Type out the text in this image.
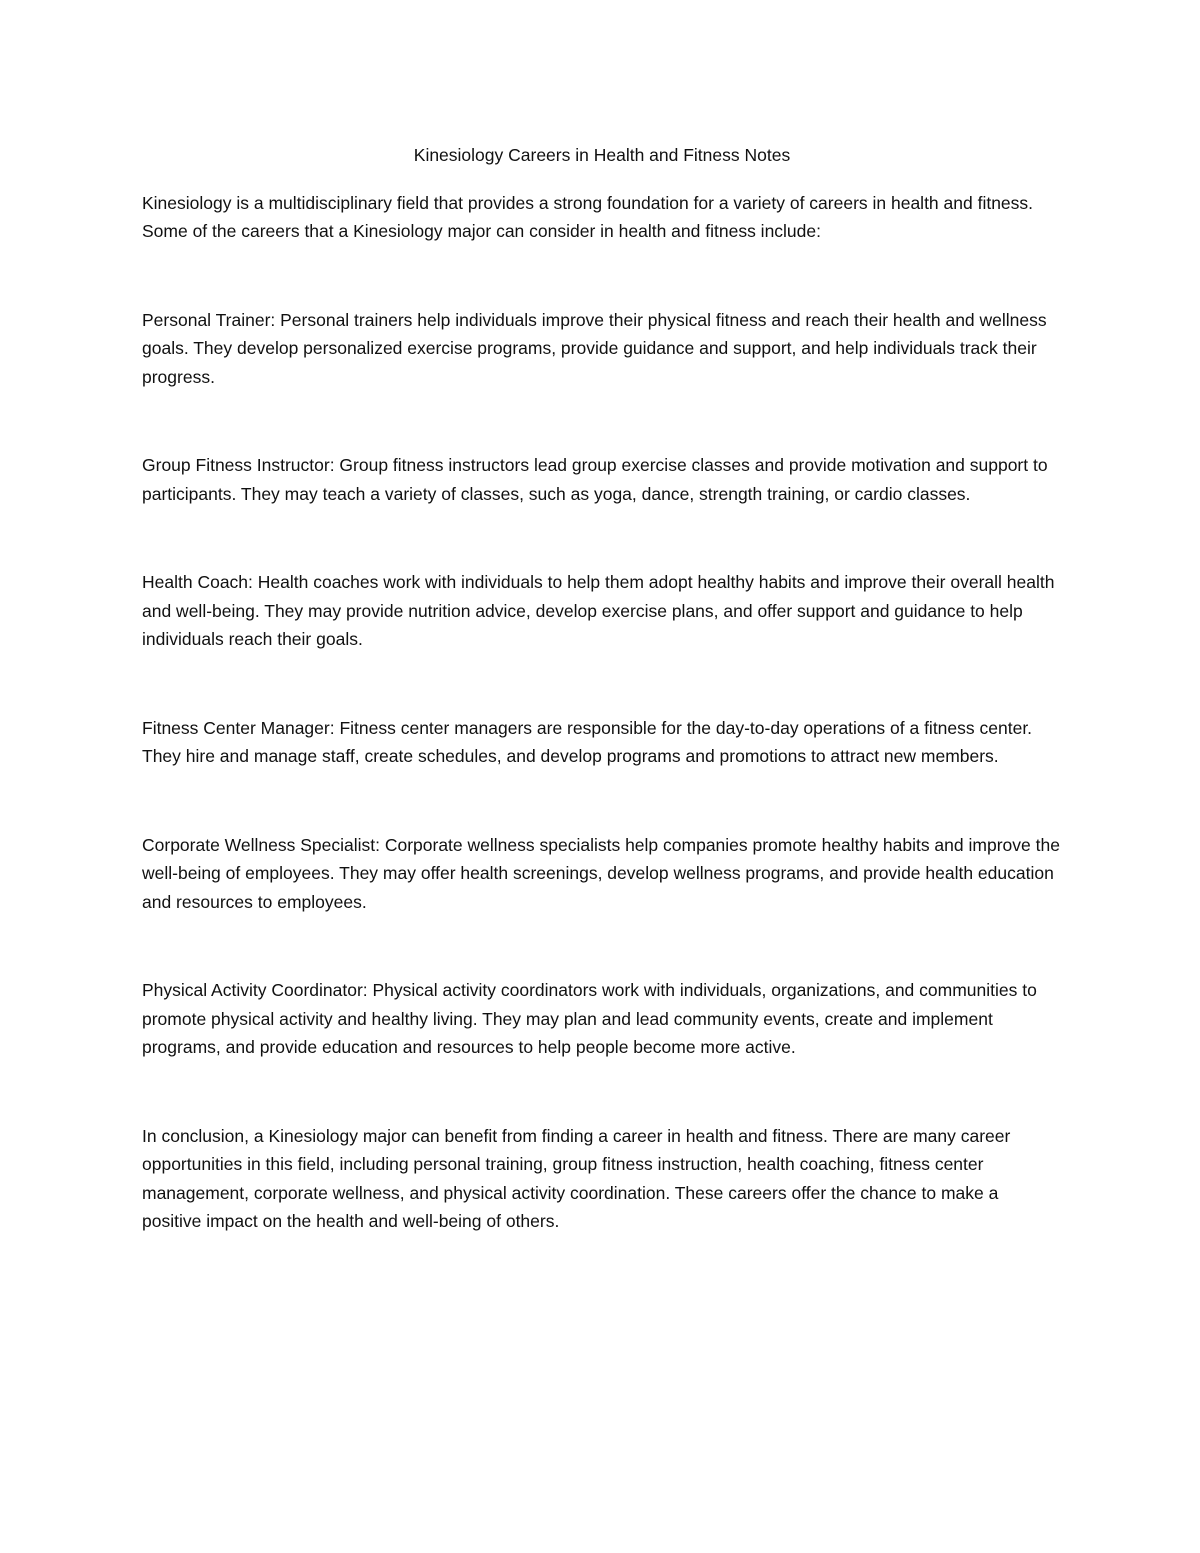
Kinesiology Careers in Health and Fitness Notes

Kinesiology is a multidisciplinary field that provides a strong foundation for a variety of careers in health and fitness. Some of the careers that a Kinesiology major can consider in health and fitness include:

Personal Trainer: Personal trainers help individuals improve their physical fitness and reach their health and wellness goals. They develop personalized exercise programs, provide guidance and support, and help individuals track their progress.

Group Fitness Instructor: Group fitness instructors lead group exercise classes and provide motivation and support to participants. They may teach a variety of classes, such as yoga, dance, strength training, or cardio classes.

Health Coach: Health coaches work with individuals to help them adopt healthy habits and improve their overall health and well-being. They may provide nutrition advice, develop exercise plans, and offer support and guidance to help individuals reach their goals.

Fitness Center Manager: Fitness center managers are responsible for the day-to-day operations of a fitness center. They hire and manage staff, create schedules, and develop programs and promotions to attract new members.

Corporate Wellness Specialist: Corporate wellness specialists help companies promote healthy habits and improve the well-being of employees. They may offer health screenings, develop wellness programs, and provide health education and resources to employees.

Physical Activity Coordinator: Physical activity coordinators work with individuals, organizations, and communities to promote physical activity and healthy living. They may plan and lead community events, create and implement programs, and provide education and resources to help people become more active.

In conclusion, a Kinesiology major can benefit from finding a career in health and fitness. There are many career opportunities in this field, including personal training, group fitness instruction, health coaching, fitness center management, corporate wellness, and physical activity coordination. These careers offer the chance to make a positive impact on the health and well-being of others.
